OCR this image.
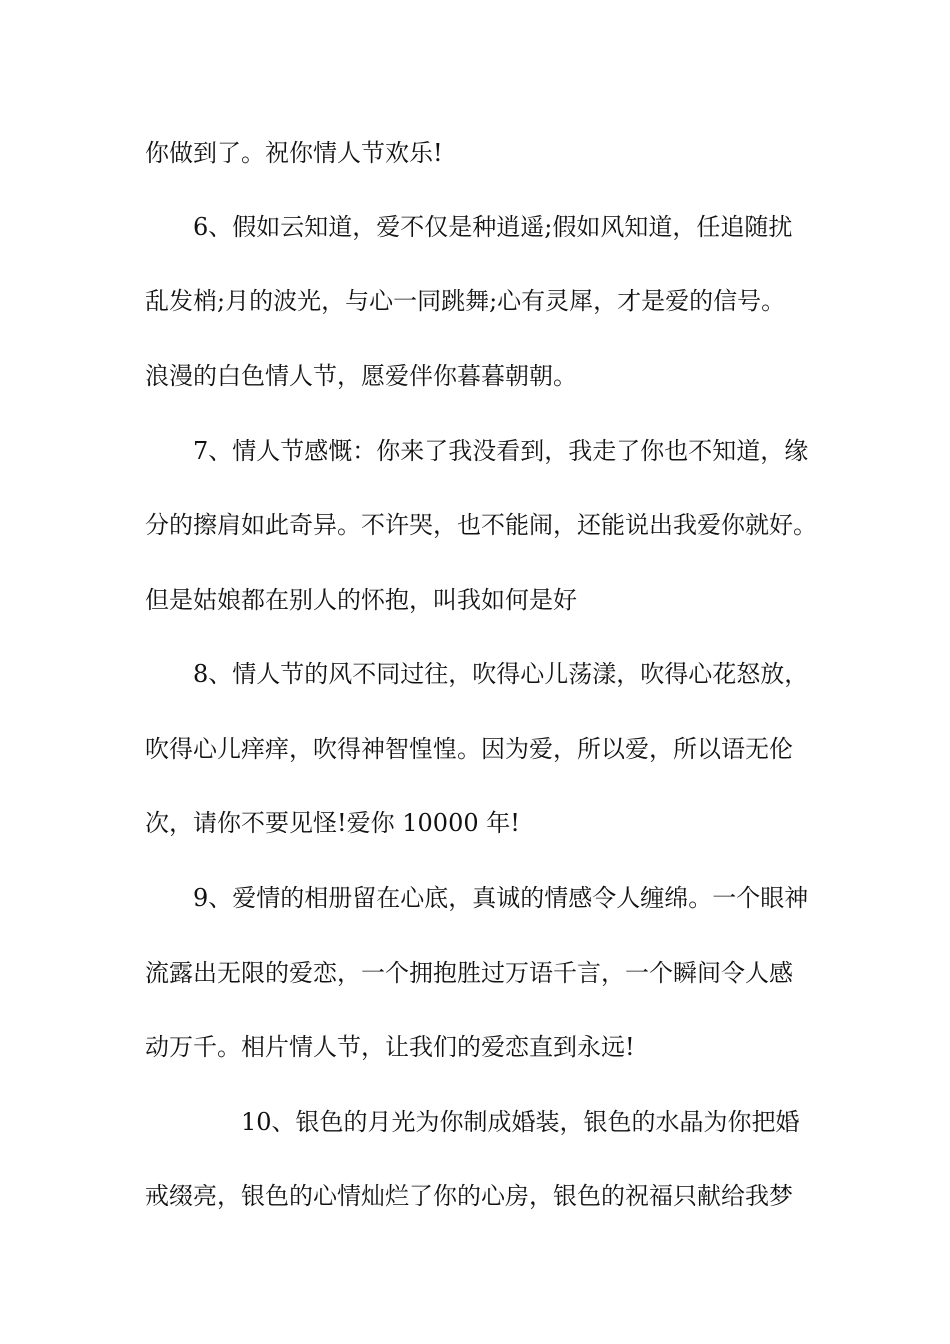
你做到了。祝你情人节欢乐!

6、假如云知道，爱不仅是种逍遥;假如风知道，任追随扰

乱发梢;月的波光，与心一同跳舞;心有灵犀，才是爱的信号。

浪漫的白色情人节，愿爱伴你暮暮朝朝。

7、情人节感慨：你来了我没看到，我走了你也不知道，缘

分的擦肩如此奇异。不许哭，也不能闹，还能说出我爱你就好。

但是姑娘都在别人的怀抱，叫我如何是好

8、情人节的风不同过往，吹得心儿荡漾，吹得心花怒放，

吹得心儿痒痒，吹得神智惶惶。因为爱，所以爱，所以语无伦

次，请你不要见怪!爱你 10000 年!

9、爱情的相册留在心底，真诚的情感令人缠绵。一个眼神

流露出无限的爱恋，一个拥抱胜过万语千言，一个瞬间令人感

动万千。相片情人节，让我们的爱恋直到永远!

10、银色的月光为你制成婚装，银色的水晶为你把婚

戒缀亮，银色的心情灿烂了你的心房，银色的祝福只献给我梦
